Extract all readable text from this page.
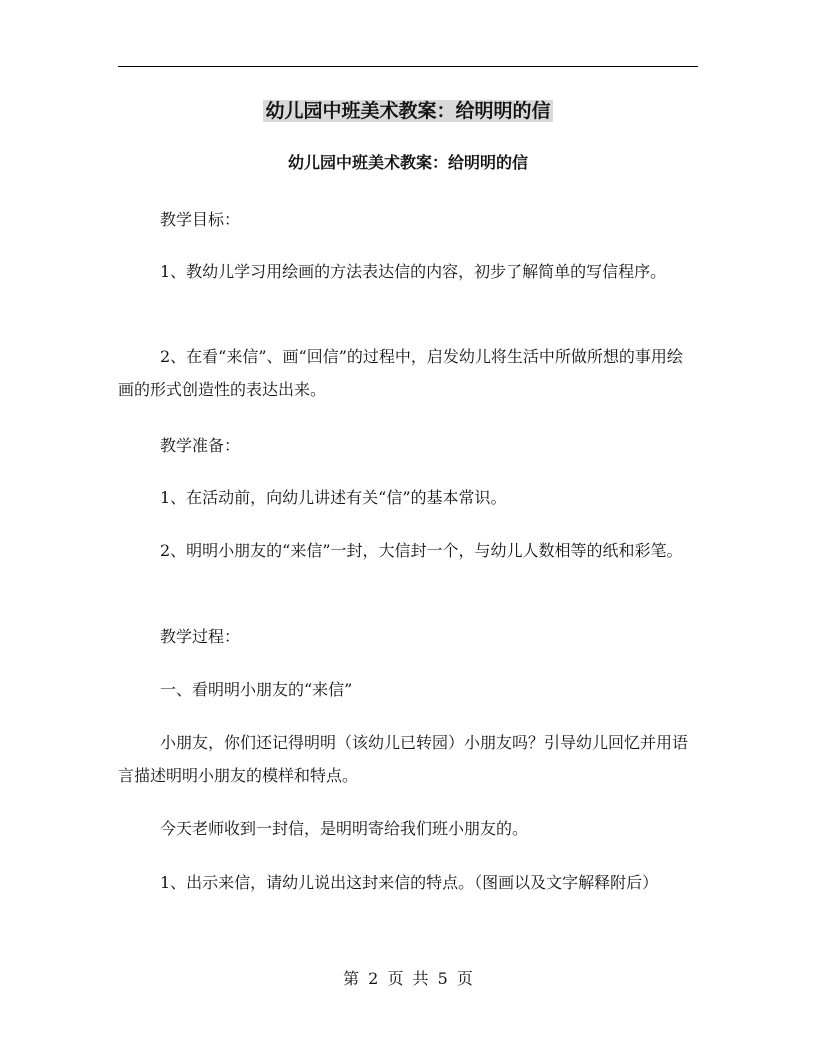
幼儿园中班美术教案：给明明的信
幼儿园中班美术教案：给明明的信

教学目标：

1、教幼儿学习用绘画的方法表达信的内容，初步了解简单的写信程序。

2、在看“来信”、画“回信”的过程中，启发幼儿将生活中所做所想的事用绘画的形式创造性的表达出来。

教学准备：

1、在活动前，向幼儿讲述有关“信”的基本常识。

2、明明小朋友的“来信”一封，大信封一个，与幼儿人数相等的纸和彩笔。

教学过程：

一、看明明小朋友的“来信”

小朋友，你们还记得明明（该幼儿已转园）小朋友吗？引导幼儿回忆并用语言描述明明小朋友的模样和特点。

今天老师收到一封信，是明明寄给我们班小朋友的。

1、出示来信，请幼儿说出这封来信的特点。（图画以及文字解释附后）

第 2 页 共 5 页
